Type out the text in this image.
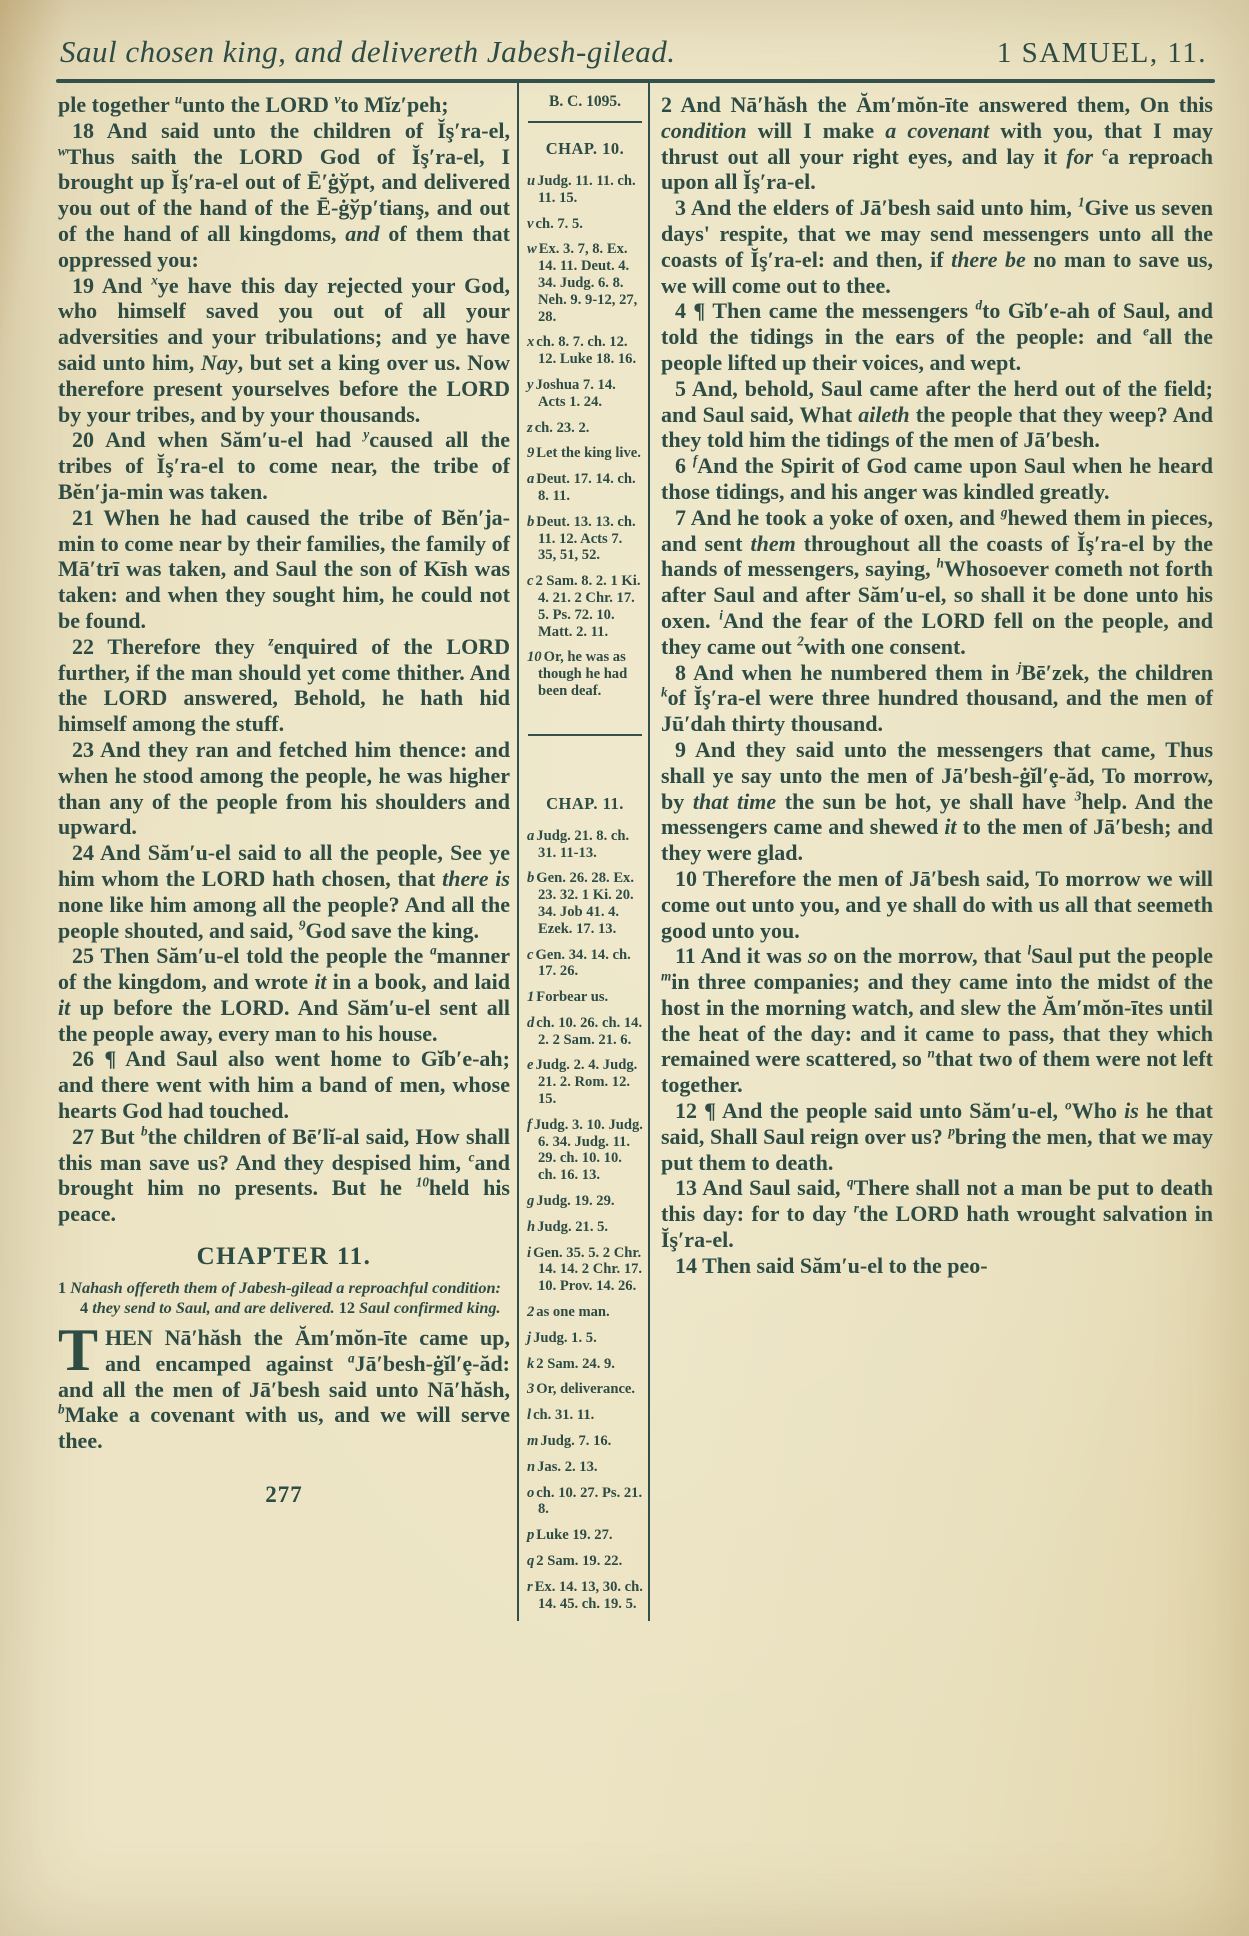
Saul chosen king, and delivereth Jabesh-gilead.	1 SAMUEL, 11.

ple together $^u$unto the LORD $^v$to Mĭz′peh;

18 And said unto the children of Ĭş′ra-el, $^w$Thus saith the LORD God of Ĭş′ra-el, I brought up Ĭş′ra-el out of Ē′ġўpt, and delivered you out of the hand of the Ē-ġўp′tianş, and out of the hand of all kingdoms, and of them that oppressed you:

19 And $^x$ye have this day rejected your God, who himself saved you out of all your adversities and your tribulations; and ye have said unto him, Nay, but set a king over us. Now therefore present yourselves before the LORD by your tribes, and by your thousands.

20 And when Săm′u-el had $^y$caused all the tribes of Ĭş′ra-el to come near, the tribe of Bĕn′ja-min was taken.

21 When he had caused the tribe of Bĕn′ja-min to come near by their families, the family of Mā′trī was taken, and Saul the son of Kīsh was taken: and when they sought him, he could not be found.

22 Therefore they $^z$enquired of the LORD further, if the man should yet come thither. And the LORD answered, Behold, he hath hid himself among the stuff.

23 And they ran and fetched him thence: and when he stood among the people, he was higher than any of the people from his shoulders and upward.

24 And Săm′u-el said to all the people, See ye him whom the LORD hath chosen, that there is none like him among all the people? And all the people shouted, and said, $^9$God save the king.

25 Then Săm′u-el told the people the $^a$manner of the kingdom, and wrote it in a book, and laid it up before the LORD. And Săm′u-el sent all the people away, every man to his house.

26 ¶ And Saul also went home to Gĭb′e-ah; and there went with him a band of men, whose hearts God had touched.

27 But $^b$the children of Bē′lĭ-al said, How shall this man save us? And they despised him, $^c$and brought him no presents. But he $^{10}$held his peace.

CHAPTER 11.

1 Nahash offereth them of Jabesh-gilead a reproachful condition: 4 they send to Saul, and are delivered. 12 Saul confirmed king.

THEN Nā′hăsh the Ăm′mŏn-īte came up, and encamped against $^a$Jā′besh-ġĭl′ȩ-ăd: and all the men of Jā′besh said unto Nā′hăsh, $^b$Make a covenant with us, and we will serve thee.

277
B. C. 1095.
CHAP. 10.
u Judg. 11. 11. ch. 11. 15.
v ch. 7. 5.
w Ex. 3. 7, 8. Ex. 14. 11. Deut. 4. 34. Judg. 6. 8. Neh. 9. 9-12, 27, 28.
x ch. 8. 7. ch. 12. 12. Luke 18. 16.
y Joshua 7. 14. Acts 1. 24.
z ch. 23. 2.
9 Let the king live.
a Deut. 17. 14. ch. 8. 11.
b Deut. 13. 13. ch. 11. 12. Acts 7. 35, 51, 52.
c 2 Sam. 8. 2. 1 Ki. 4. 21. 2 Chr. 17. 5. Ps. 72. 10. Matt. 2. 11.
10 Or, he was as though he had been deaf.
CHAP. 11.
a Judg. 21. 8. ch. 31. 11-13.
b Gen. 26. 28. Ex. 23. 32. 1 Ki. 20. 34. Job 41. 4. Ezek. 17. 13.
c Gen. 34. 14. ch. 17. 26.
1 Forbear us.
d ch. 10. 26. ch. 14. 2. 2 Sam. 21. 6.
e Judg. 2. 4. Judg. 21. 2. Rom. 12. 15.
f Judg. 3. 10. Judg. 6. 34. Judg. 11. 29. ch. 10. 10. ch. 16. 13.
g Judg. 19. 29.
h Judg. 21. 5.
i Gen. 35. 5. 2 Chr. 14. 14. 2 Chr. 17. 10. Prov. 14. 26.
2 as one man.
j Judg. 1. 5.
k 2 Sam. 24. 9.
3 Or, deliverance.
l ch. 31. 11.
m Judg. 7. 16.
n Jas. 2. 13.
o ch. 10. 27. Ps. 21. 8.
p Luke 19. 27.
q 2 Sam. 19. 22.
r Ex. 14. 13, 30. ch. 14. 45. ch. 19. 5.

2 And Nā′hăsh the Ăm′mŏn-īte answered them, On this condition will I make a covenant with you, that I may thrust out all your right eyes, and lay it for $^c$a reproach upon all Ĭş′ra-el.

3 And the elders of Jā′besh said unto him, $^1$Give us seven days' respite, that we may send messengers unto all the coasts of Ĭş′ra-el: and then, if there be no man to save us, we will come out to thee.

4 ¶ Then came the messengers $^d$to Gĭb′e-ah of Saul, and told the tidings in the ears of the people: and $^e$all the people lifted up their voices, and wept.

5 And, behold, Saul came after the herd out of the field; and Saul said, What aileth the people that they weep? And they told him the tidings of the men of Jā′besh.

6 $^f$And the Spirit of God came upon Saul when he heard those tidings, and his anger was kindled greatly.

7 And he took a yoke of oxen, and $^g$hewed them in pieces, and sent them throughout all the coasts of Ĭş′ra-el by the hands of messengers, saying, $^h$Whosoever cometh not forth after Saul and after Săm′u-el, so shall it be done unto his oxen. $^i$And the fear of the LORD fell on the people, and they came out $^2$with one consent.

8 And when he numbered them in $^j$Bē′zek, the children $^k$of Ĭş′ra-el were three hundred thousand, and the men of Jū′dah thirty thousand.

9 And they said unto the messengers that came, Thus shall ye say unto the men of Jā′besh-ġĭl′ȩ-ăd, To morrow, by that time the sun be hot, ye shall have $^3$help. And the messengers came and shewed it to the men of Jā′besh; and they were glad.

10 Therefore the men of Jā′besh said, To morrow we will come out unto you, and ye shall do with us all that seemeth good unto you.

11 And it was so on the morrow, that $^l$Saul put the people $^m$in three companies; and they came into the midst of the host in the morning watch, and slew the Ăm′mŏn-ītes until the heat of the day: and it came to pass, that they which remained were scattered, so $^n$that two of them were not left together.

12 ¶ And the people said unto Săm′u-el, $^o$Who is he that said, Shall Saul reign over us? $^p$bring the men, that we may put them to death.

13 And Saul said, $^q$There shall not a man be put to death this day: for to day $^r$the LORD hath wrought salvation in Ĭş′ra-el.

14 Then said Săm′u-el to the peo-
